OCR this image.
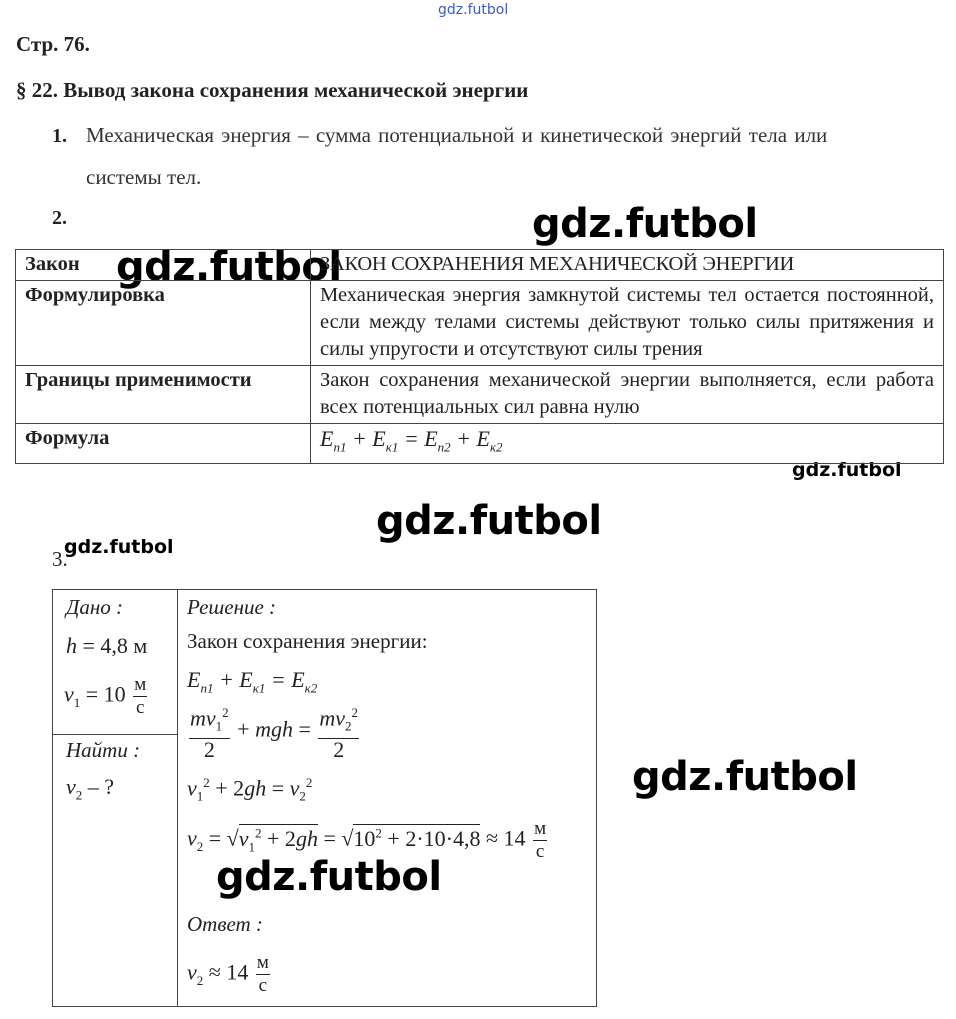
gdz.futbol
gdz.futbol
gdz.futbol
gdz.futbol
gdz.futbol
gdz.futbol
gdz.futbol
gdz.futbol
Стр. 76.
§ 22. Вывод закона сохранения механической энергии
1. Механическая энергия – сумма потенциальной и кинетической энергий тела или
системы тел.
2.
Закон	ЗАКОН СОХРАНЕНИЯ МЕХАНИЧЕСКОЙ ЭНЕРГИИ
Формулировка	Механическая энергия замкнутой системы тел остается постоянной, если между телами системы действуют только силы притяжения и силы упругости и отсутствуют силы трения
Границы применимости	Закон сохранения механической энергии выполняется, если работа всех потенциальных сил равна нулю
Формула	$E_{п1} + E_{к1} = E_{п2} + E_{к2}$
3.
Дано :
h = 4,8 м
$v_1 = 10 \frac{м}{с}$
Найти :
$v_2$ – ?
Решение :
Закон сохранения энергии:
$E_{п1} + E_{к1} = E_{к2}$
$\frac{mv_1^2}{2}$ + mgh = $\frac{mv_2^2}{2}$
$v_1^2 + 2gh = v_2^2$
$v_2 = √v_1^2 + 2gh = √10^2 + 2\cdot 10\cdot 4,8 \approx 14 \frac{м}{с}$
Ответ :
$v_2 \approx 14 \frac{м}{с}$
